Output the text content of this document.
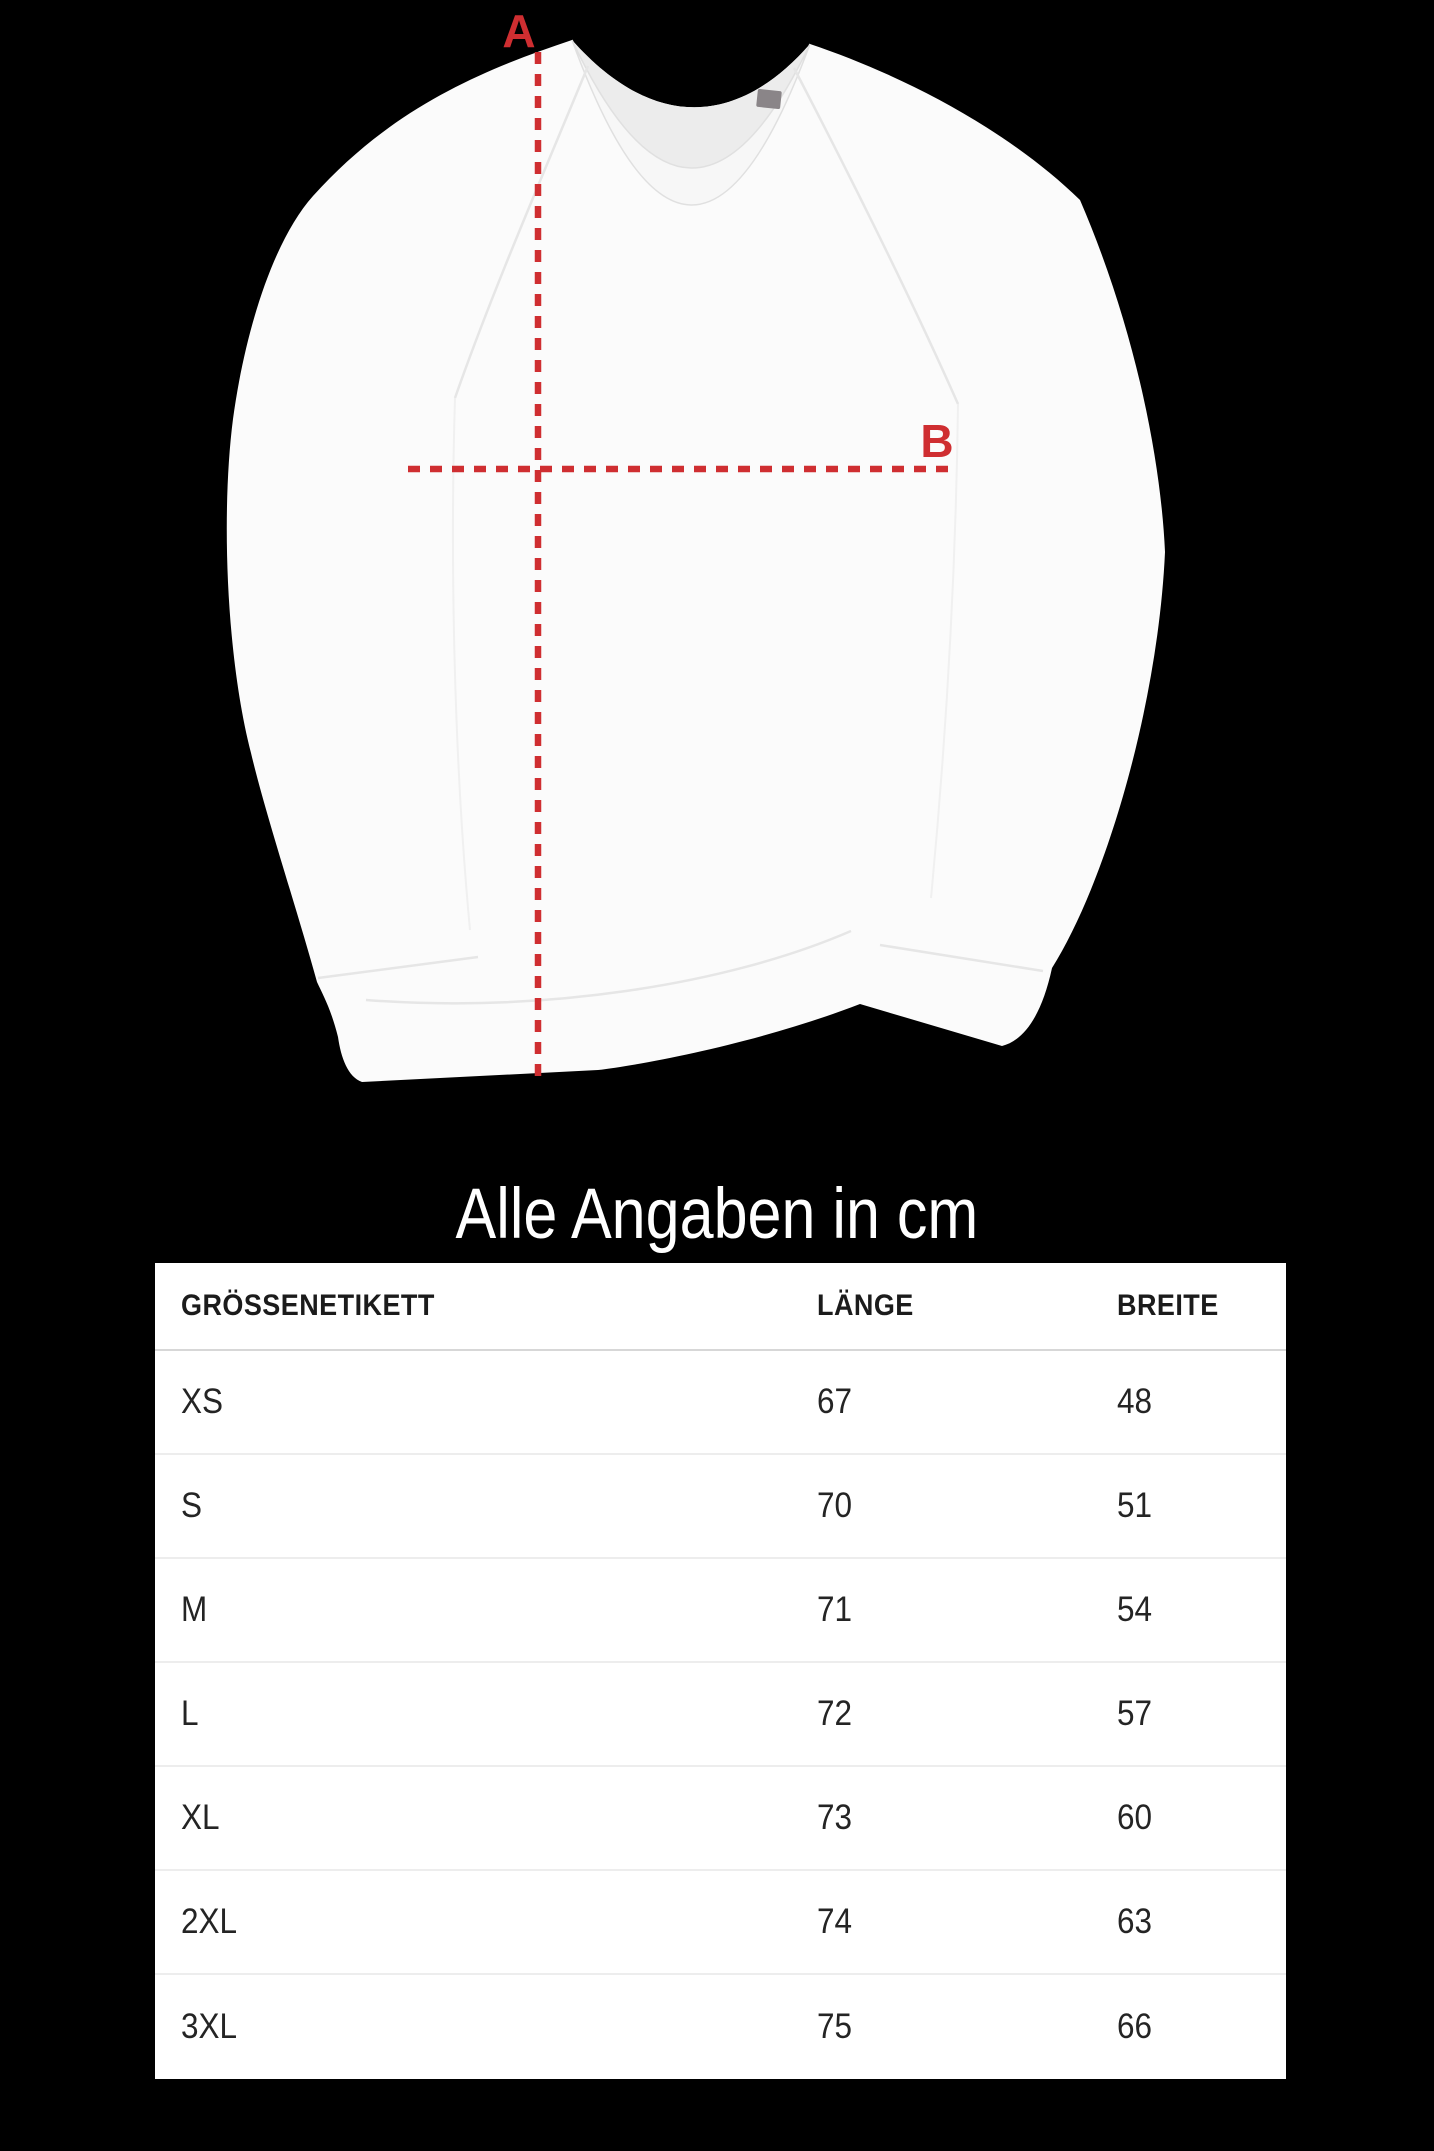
A
B
Alle Angaben in cm
GRÖSSENETIKETT	LÄNGE	BREITE
XS	67	48
S	70	51
M	71	54
L	72	57
XL	73	60
2XL	74	63
3XL	75	66
